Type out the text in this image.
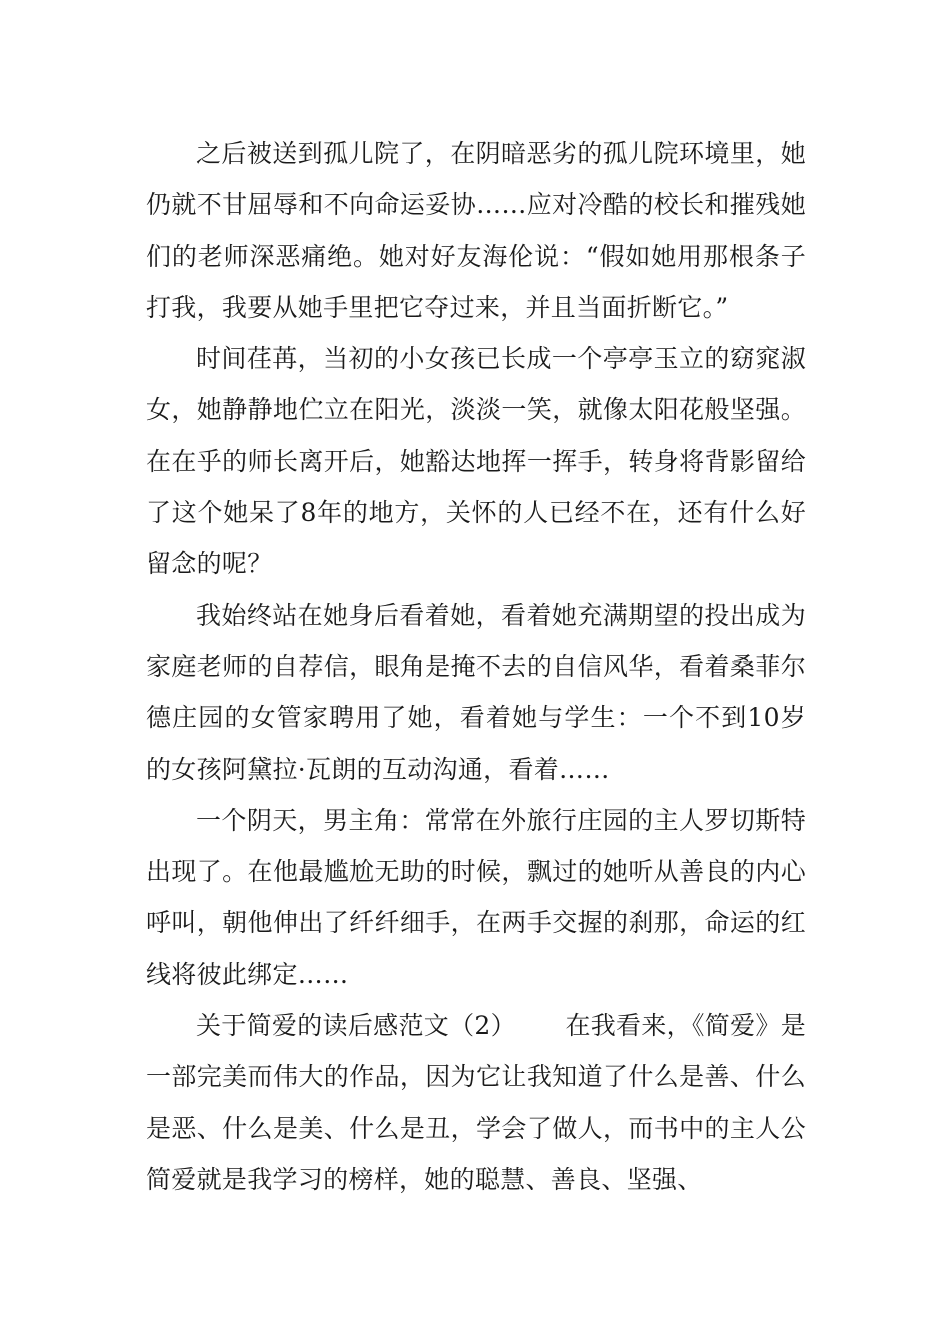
之后被送到孤儿院了，在阴暗恶劣的孤儿院环境里，她仍就不甘屈辱和不向命运妥协……应对冷酷的校长和摧残她们的老师深恶痛绝。她对好友海伦说：“假如她用那根条子打我，我要从她手里把它夺过来，并且当面折断它。”

时间荏苒，当初的小女孩已长成一个亭亭玉立的窈窕淑女，她静静地伫立在阳光，淡淡一笑，就像太阳花般坚强。在在乎的师长离开后，她豁达地挥一挥手，转身将背影留给了这个她呆了8年的地方，关怀的人已经不在，还有什么好留念的呢？

我始终站在她身后看着她，看着她充满期望的投出成为家庭老师的自荐信，眼角是掩不去的自信风华，看着桑菲尔德庄园的女管家聘用了她，看着她与学生：一个不到10岁的女孩阿黛拉·瓦朗的互动沟通，看着……

一个阴天，男主角：常常在外旅行庄园的主人罗切斯特出现了。在他最尴尬无助的时候，飘过的她听从善良的内心呼叫，朝他伸出了纤纤细手，在两手交握的刹那，命运的红线将彼此绑定……

关于简爱的读后感范文（2） 在我看来，《简爱》是一部完美而伟大的作品，因为它让我知道了什么是善、什么是恶、什么是美、什么是丑，学会了做人，而书中的主人公简爱就是我学习的榜样，她的聪慧、善良、坚强、
